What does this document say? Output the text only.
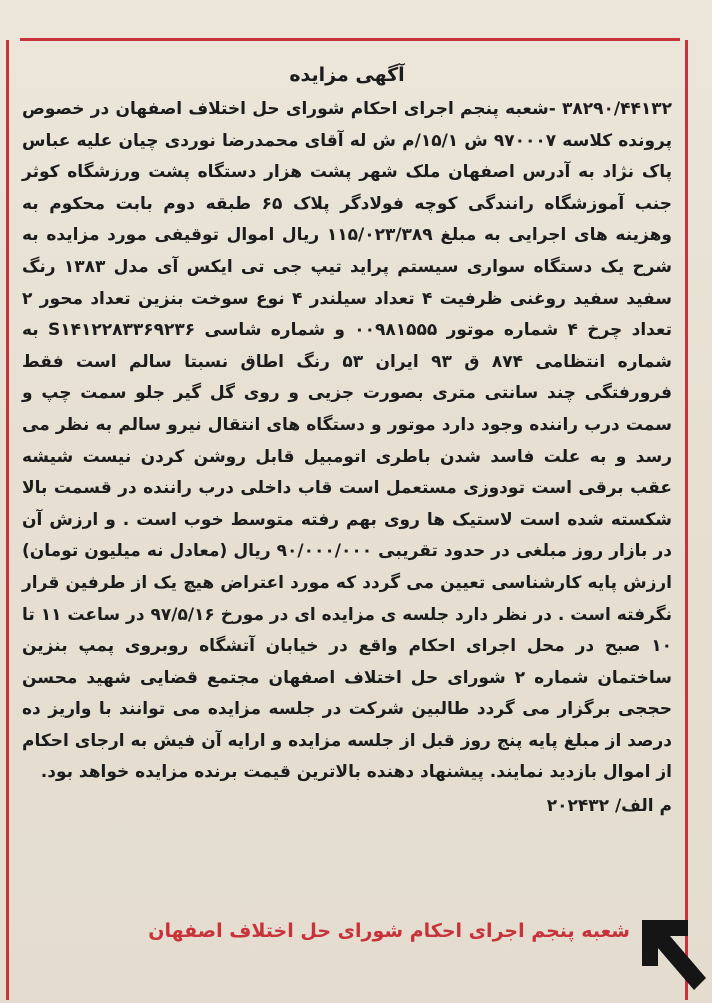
آگهی مزایده

۳۸۲۹۰/۴۴۱۳۲ -شعبه پنجم اجرای احکام شورای حل اختلاف اصفهان در خصوص پرونده کلاسه ۹۷۰۰۰۷ ش ۱۵/۱/م ش له آقای محمدرضا نوردی چیان علیه عباس پاک نژاد به آدرس اصفهان ملک شهر پشت هزار دستگاه پشت ورزشگاه کوثر جنب آموزشگاه رانندگی کوچه فولادگر پلاک ۶۵ طبقه دوم بابت محکوم به وهزینه های اجرایی به مبلغ ۱۱۵/۰۲۳/۳۸۹ ریال اموال توقیفی مورد مزایده به شرح یک دستگاه سواری سیستم پراید تیپ جی تی ایکس آی مدل ۱۳۸۳ رنگ سفید سفید روغنی ظرفیت ۴ تعداد سیلندر ۴ نوع سوخت بنزین تعداد محور ۲ تعداد چرخ ۴ شماره موتور ۰۰۹۸۱۵۵۵ و شماره شاسی S۱۴۱۲۲۸۳۳۶۹۲۳۶ به شماره انتظامی ۸۷۴ ق ۹۳ ایران ۵۳ رنگ اطاق نسبتا سالم است فقط فرورفتگی چند سانتی متری بصورت جزیی و روی گل گیر جلو سمت چپ و سمت درب راننده وجود دارد موتور و دستگاه های انتقال نیرو سالم به نظر می رسد و به علت فاسد شدن باطری اتومبیل قابل روشن کردن نیست شیشه عقب برقی است تودوزی مستعمل است قاب داخلی درب راننده در قسمت بالا شکسته شده است لاستیک ها روی بهم رفته متوسط خوب است . و ارزش آن در بازار روز مبلغی در حدود تقریبی ۹۰/۰۰۰/۰۰۰ ریال (معادل نه میلیون تومان) ارزش پایه کارشناسی تعیین می گردد که مورد اعتراض هیچ یک از طرفین قرار نگرفته است . در نظر دارد جلسه ی مزایده ای در مورخ ۹۷/۵/۱۶ در ساعت ۱۱ تا ۱۰ صبح در محل اجرای احکام واقع در خیابان آتشگاه روبروی پمپ بنزین ساختمان شماره ۲ شورای حل اختلاف اصفهان مجتمع قضایی شهید محسن حججی برگزار می گردد طالبین شرکت در جلسه مزایده می توانند با واریز ده درصد از مبلغ پایه پنج روز قبل از جلسه مزایده و ارایه آن فیش به ارجای احکام از اموال بازدید نمایند. پیشنهاد دهنده بالاترین قیمت برنده مزایده خواهد بود.

م الف/ ۲۰۲۴۳۲
شعبه پنجم اجرای احکام شورای حل اختلاف اصفهان
